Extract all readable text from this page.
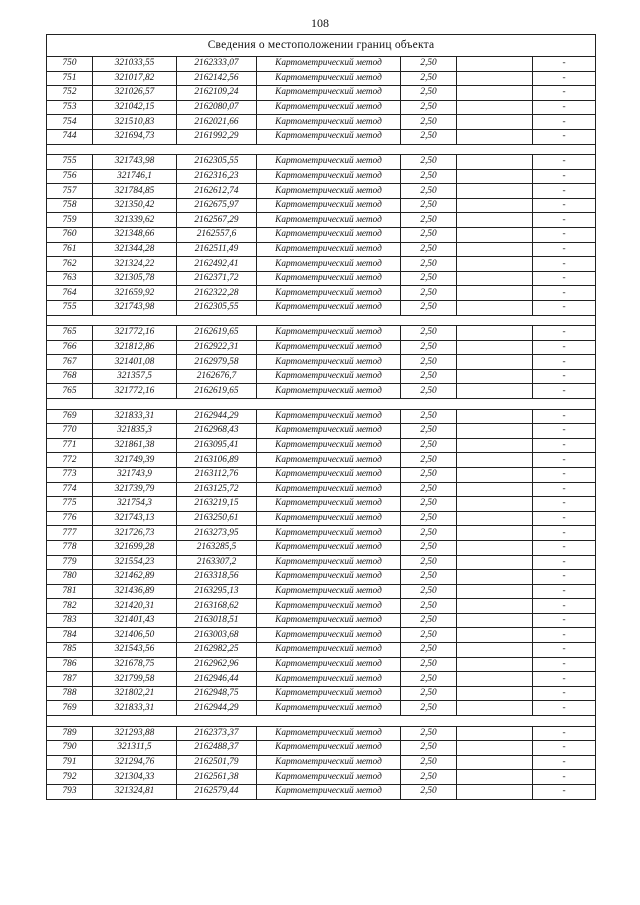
108
Сведения о местоположении границ объекта						
750	321033,55	2162333,07	Картометрический метод	2,50		-
751	321017,82	2162142,56	Картометрический метод	2,50		-
752	321026,57	2162109,24	Картометрический метод	2,50		-
753	321042,15	2162080,07	Картометрический метод	2,50		-
754	321510,83	2162021,66	Картометрический метод	2,50		-
744	321694,73	2161992,29	Картометрический метод	2,50		-

755	321743,98	2162305,55	Картометрический метод	2,50		-
756	321746,1	2162316,23	Картометрический метод	2,50		-
757	321784,85	2162612,74	Картометрический метод	2,50		-
758	321350,42	2162675,97	Картометрический метод	2,50		-
759	321339,62	2162567,29	Картометрический метод	2,50		-
760	321348,66	2162557,6	Картометрический метод	2,50		-
761	321344,28	2162511,49	Картометрический метод	2,50		-
762	321324,22	2162492,41	Картометрический метод	2,50		-
763	321305,78	2162371,72	Картометрический метод	2,50		-
764	321659,92	2162322,28	Картометрический метод	2,50		-
755	321743,98	2162305,55	Картометрический метод	2,50		-

765	321772,16	2162619,65	Картометрический метод	2,50		-
766	321812,86	2162922,31	Картометрический метод	2,50		-
767	321401,08	2162979,58	Картометрический метод	2,50		-
768	321357,5	2162676,7	Картометрический метод	2,50		-
765	321772,16	2162619,65	Картометрический метод	2,50		-

769	321833,31	2162944,29	Картометрический метод	2,50		-
770	321835,3	2162968,43	Картометрический метод	2,50		-
771	321861,38	2163095,41	Картометрический метод	2,50		-
772	321749,39	2163106,89	Картометрический метод	2,50		-
773	321743,9	2163112,76	Картометрический метод	2,50		-
774	321739,79	2163125,72	Картометрический метод	2,50		-
775	321754,3	2163219,15	Картометрический метод	2,50		-
776	321743,13	2163250,61	Картометрический метод	2,50		-
777	321726,73	2163273,95	Картометрический метод	2,50		-
778	321699,28	2163285,5	Картометрический метод	2,50		-
779	321554,23	2163307,2	Картометрический метод	2,50		-
780	321462,89	2163318,56	Картометрический метод	2,50		-
781	321436,89	2163295,13	Картометрический метод	2,50		-
782	321420,31	2163168,62	Картометрический метод	2,50		-
783	321401,43	2163018,51	Картометрический метод	2,50		-
784	321406,50	2163003,68	Картометрический метод	2,50		-
785	321543,56	2162982,25	Картометрический метод	2,50		-
786	321678,75	2162962,96	Картометрический метод	2,50		-
787	321799,58	2162946,44	Картометрический метод	2,50		-
788	321802,21	2162948,75	Картометрический метод	2,50		-
769	321833,31	2162944,29	Картометрический метод	2,50		-

789	321293,88	2162373,37	Картометрический метод	2,50		-
790	321311,5	2162488,37	Картометрический метод	2,50		-
791	321294,76	2162501,79	Картометрический метод	2,50		-
792	321304,33	2162561,38	Картометрический метод	2,50		-
793	321324,81	2162579,44	Картометрический метод	2,50		-
